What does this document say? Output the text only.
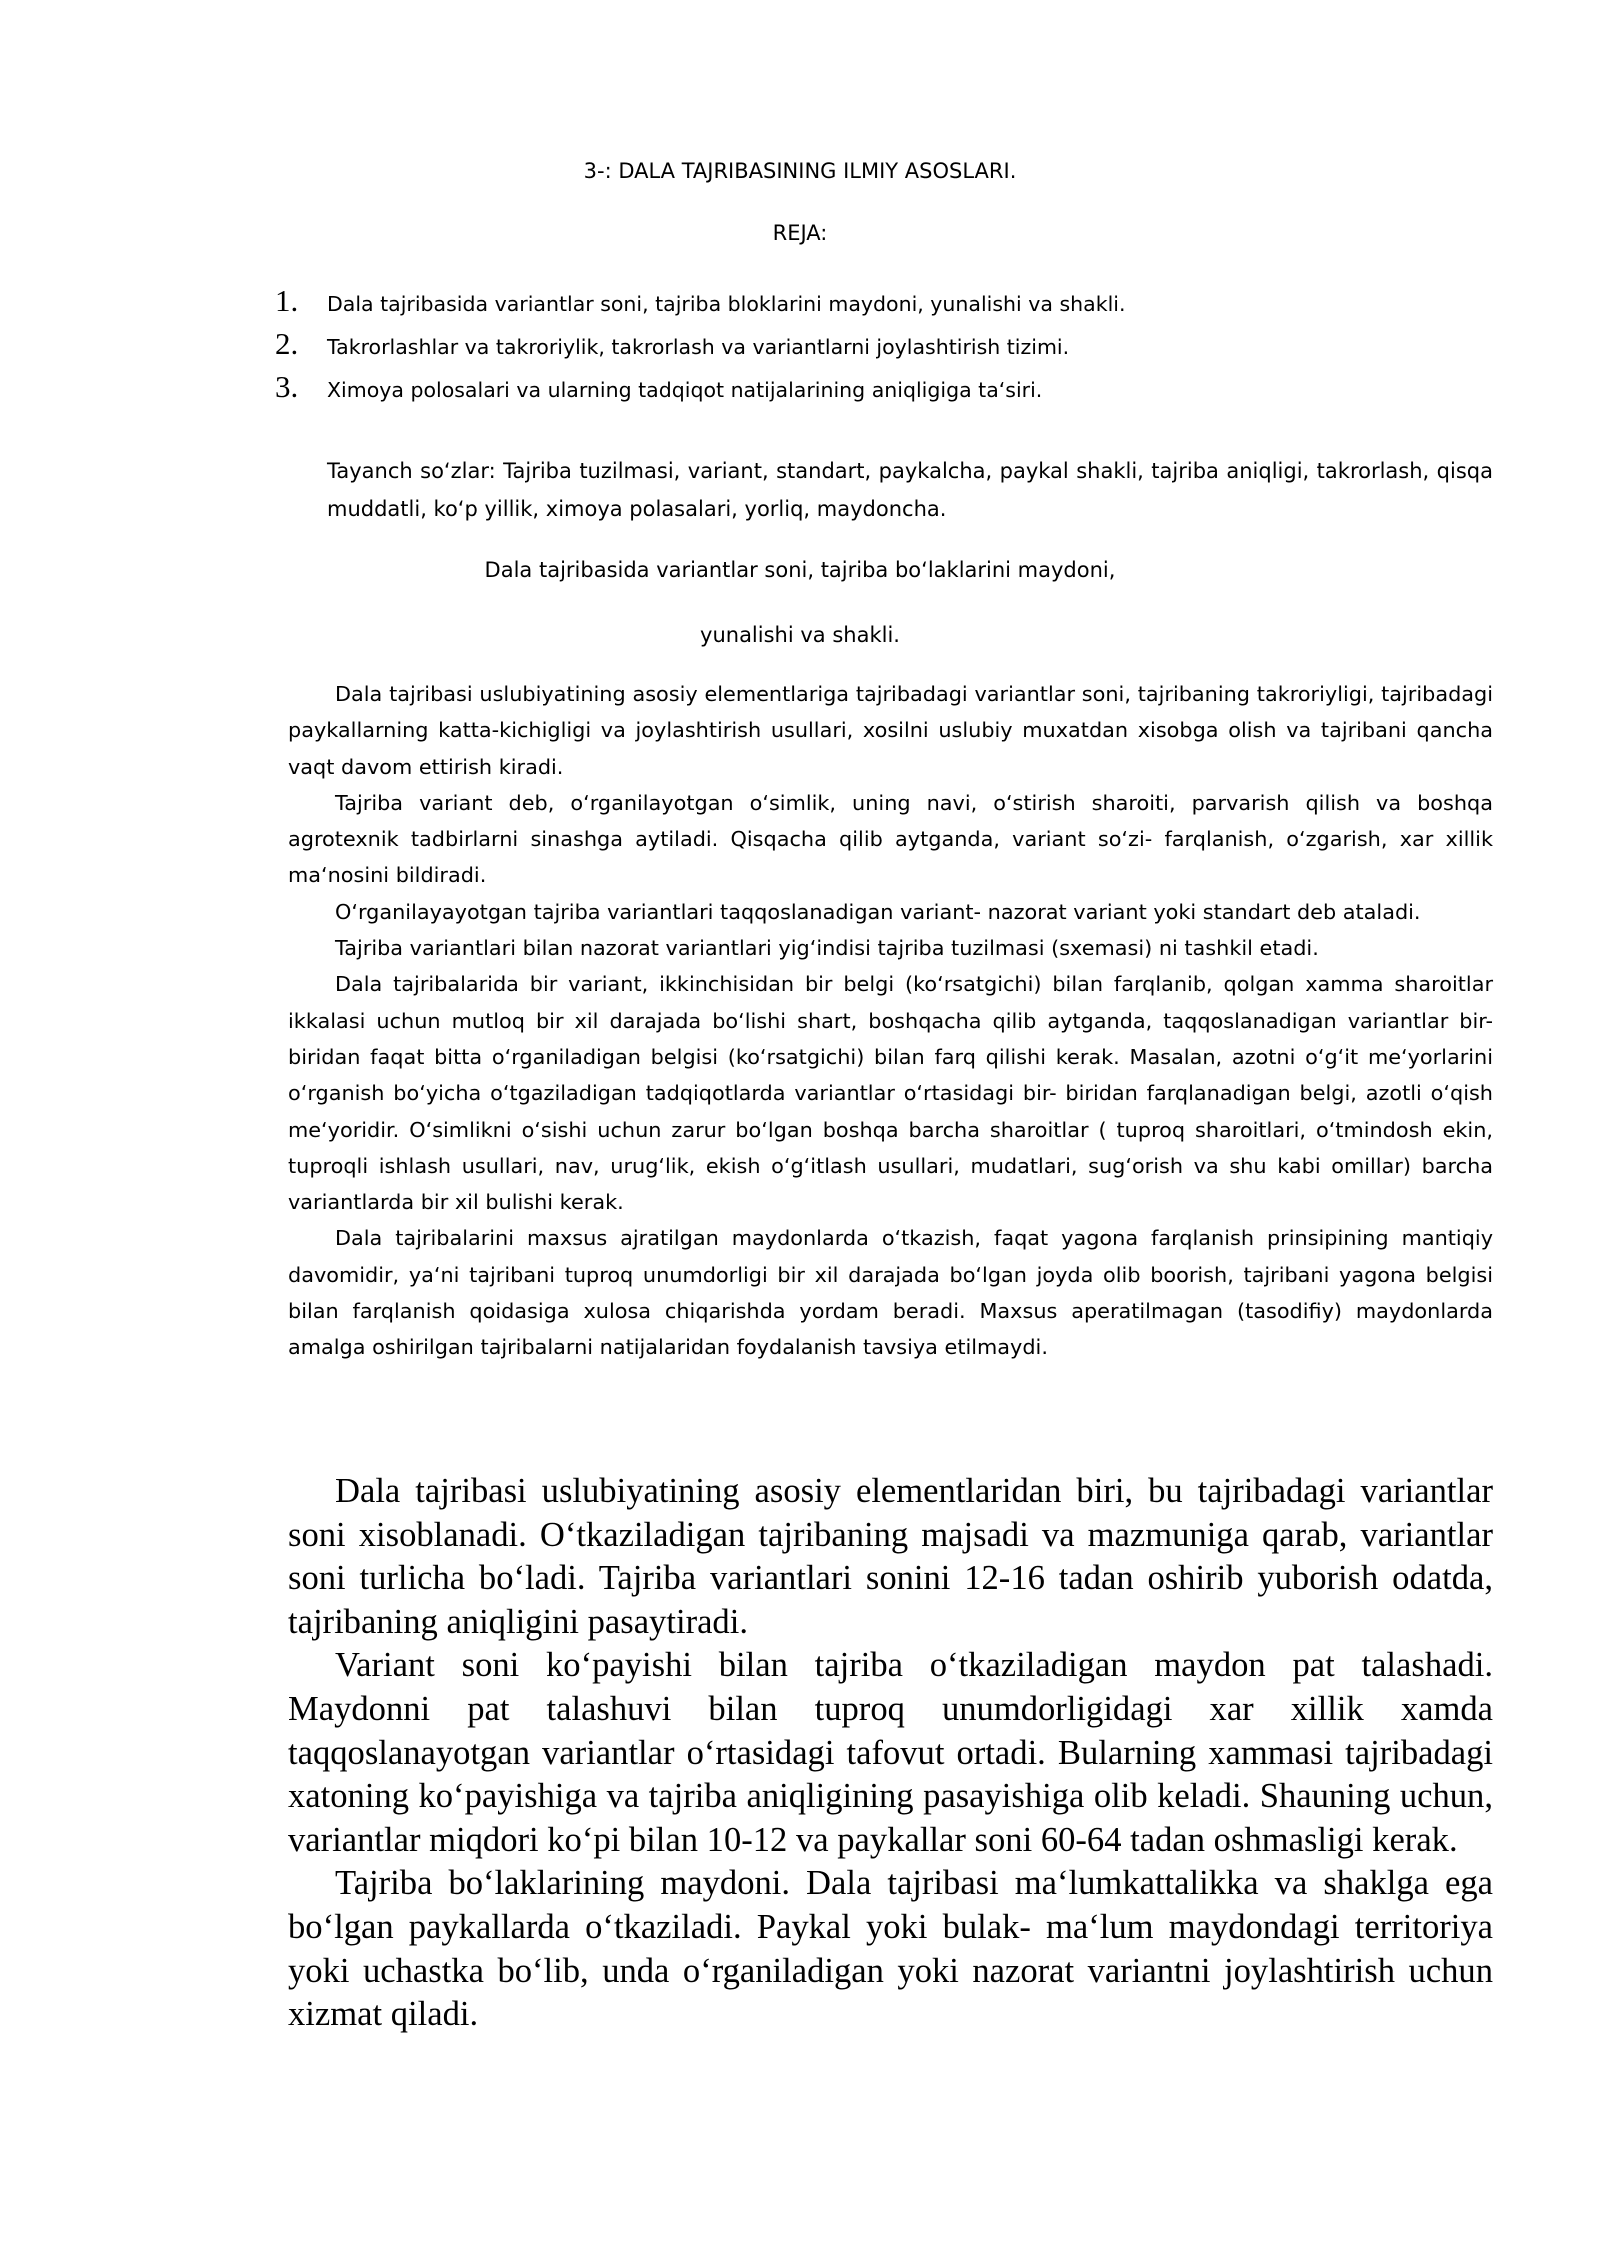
3-: DALA TAJRIBASINING ILMIY ASOSLARI.
REJA:
1.	Dala tajribasida variantlar soni, tajriba bloklarini maydoni, yunalishi va shakli.
2.	Takrorlashlar va takroriylik, takrorlash va variantlarni joylashtirish tizimi.
3.	Ximoya polosalari va ularning tadqiqot natijalarining aniqligiga ta‘siri.

Tayanch so‘zlar: Tajriba tuzilmasi, variant, standart, paykalcha, paykal shakli, tajriba aniqligi, takrorlash, qisqa muddatli, ko‘p yillik, ximoya polasalari, yorliq, maydoncha.

Dala tajribasida variantlar soni, tajriba bo‘laklarini maydoni,
yunalishi va shakli.

Dala tajribasi uslubiyatining asosiy elementlariga tajribadagi variantlar soni, tajribaning takroriyligi, tajribadagi paykallarning katta-kichigligi va joylashtirish usullari, xosilni uslubiy muxatdan xisobga olish va tajribani qancha vaqt davom ettirish kiradi.

Tajriba variant deb, o‘rganilayotgan o‘simlik, uning navi, o‘stirish sharoiti, parvarish qilish va boshqa agrotexnik tadbirlarni sinashga aytiladi. Qisqacha qilib aytganda, variant so‘zi- farqlanish, o‘zgarish, xar xillik ma‘nosini bildiradi.

O‘rganilayayotgan tajriba variantlari taqqoslanadigan variant- nazorat variant yoki standart deb ataladi.

Tajriba variantlari bilan nazorat variantlari yig‘indisi tajriba tuzilmasi (sxemasi) ni tashkil etadi.

Dala tajribalarida bir variant, ikkinchisidan bir belgi (ko‘rsatgichi) bilan farqlanib, qolgan xamma sharoitlar ikkalasi uchun mutloq bir xil darajada bo‘lishi shart, boshqacha qilib aytganda, taqqoslanadigan variantlar bir- biridan faqat bitta o‘rganiladigan belgisi (ko‘rsatgichi) bilan farq qilishi kerak. Masalan, azotni o‘g‘it me‘yorlarini o‘rganish bo‘yicha o‘tgaziladigan tadqiqotlarda variantlar o‘rtasidagi bir- biridan farqlanadigan belgi, azotli o‘qish me‘yoridir. O‘simlikni o‘sishi uchun zarur bo‘lgan boshqa barcha sharoitlar ( tuproq sharoitlari, o‘tmindosh ekin, tuproqli ishlash usullari, nav, urug‘lik, ekish o‘g‘itlash usullari, mudatlari, sug‘orish va shu kabi omillar) barcha variantlarda bir xil bulishi kerak.

Dala tajribalarini maxsus ajratilgan maydonlarda o‘tkazish, faqat yagona farqlanish prinsipining mantiqiy davomidir, ya‘ni tajribani tuproq unumdorligi bir xil darajada bo‘lgan joyda olib boorish, tajribani yagona belgisi bilan farqlanish qoidasiga xulosa chiqarishda yordam beradi. Maxsus aperatilmagan (tasodifiy) maydonlarda amalga oshirilgan tajribalarni natijalaridan foydalanish tavsiya etilmaydi.

Dala tajribasi uslubiyatining asosiy elementlaridan biri, bu tajribadagi variantlar soni xisoblanadi. O‘tkaziladigan tajribaning majsadi va mazmuniga qarab, variantlar soni turlicha bo‘ladi. Tajriba variantlari sonini 12-16 tadan oshirib yuborish odatda, tajribaning aniqligini pasaytiradi.

Variant soni ko‘payishi bilan tajriba o‘tkaziladigan maydon pat talashadi. Maydonni pat talashuvi bilan tuproq unumdorligidagi xar xillik xamda taqqoslanayotgan variantlar o‘rtasidagi tafovut ortadi. Bularning xammasi tajribadagi xatoning ko‘payishiga va tajriba aniqligining pasayishiga olib keladi. Shauning uchun, variantlar miqdori ko‘pi bilan 10-12 va paykallar soni 60-64 tadan oshmasligi kerak.

Tajriba bo‘laklarining maydoni. Dala tajribasi ma‘lumkattalikka va shaklga ega bo‘lgan paykallarda o‘tkaziladi. Paykal yoki bulak- ma‘lum maydondagi territoriya yoki uchastka bo‘lib, unda o‘rganiladigan yoki nazorat variantni joylashtirish uchun xizmat qiladi.
